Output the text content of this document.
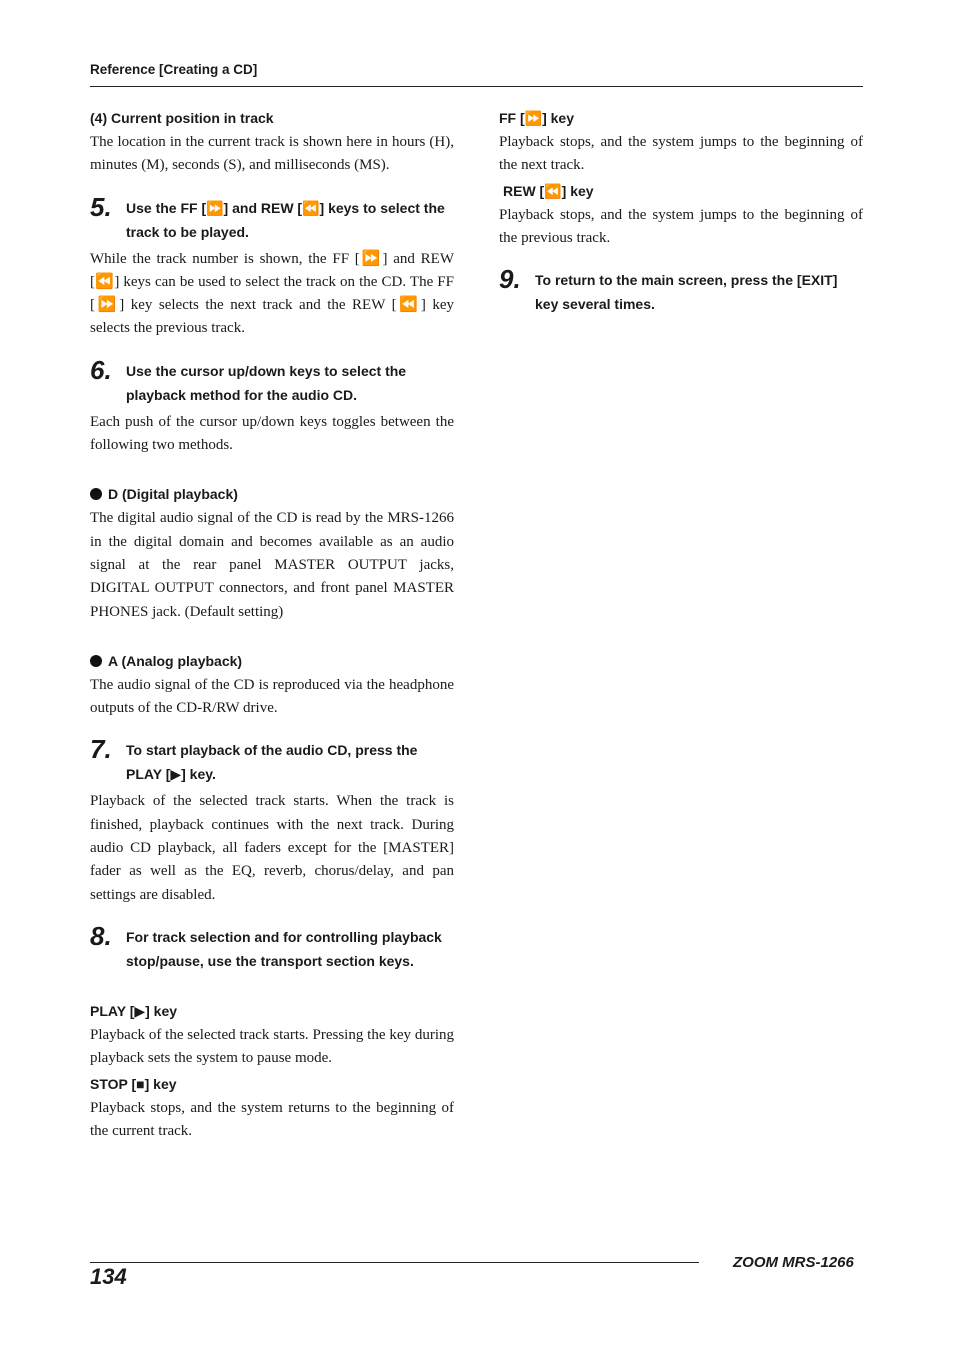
Reference [Creating a CD]

(4) Current position in track

The location in the current track is shown here in hours (H), minutes (M), seconds (S), and milliseconds (MS).

5.	Use the FF [⏩] and REW [⏪] keys to select the track to be played.

While the track number is shown, the FF [⏩] and REW [⏪] keys can be used to select the track on the CD. The FF [⏩] key selects the next track and the REW [⏪] key selects the previous track.

6.	Use the cursor up/down keys to select the playback method for the audio CD.

Each push of the cursor up/down keys toggles between the following two methods.

D (Digital playback)

The digital audio signal of the CD is read by the MRS-1266 in the digital domain and becomes available as an audio signal at the rear panel MASTER OUTPUT jacks, DIGITAL OUTPUT connectors, and front panel MASTER PHONES jack. (Default setting)

A (Analog playback)

The audio signal of the CD is reproduced via the headphone outputs of the CD-R/RW drive.

7.	To start playback of the audio CD, press the PLAY [▶] key.

Playback of the selected track starts. When the track is finished, playback continues with the next track. During audio CD playback, all faders except for the [MASTER] fader as well as the EQ, reverb, chorus/delay, and pan settings are disabled.

8.	For track selection and for controlling playback stop/pause, use the transport section keys.

PLAY [▶] key

Playback of the selected track starts. Pressing the key during playback sets the system to pause mode.

STOP [■] key

Playback stops, and the system returns to the beginning of the current track.

FF [⏩] key

Playback stops, and the system jumps to the beginning of the next track.

REW [⏪] key

Playback stops, and the system jumps to the beginning of the previous track.

9.	To return to the main screen, press the [EXIT] key several times.
134
ZOOM MRS-1266
